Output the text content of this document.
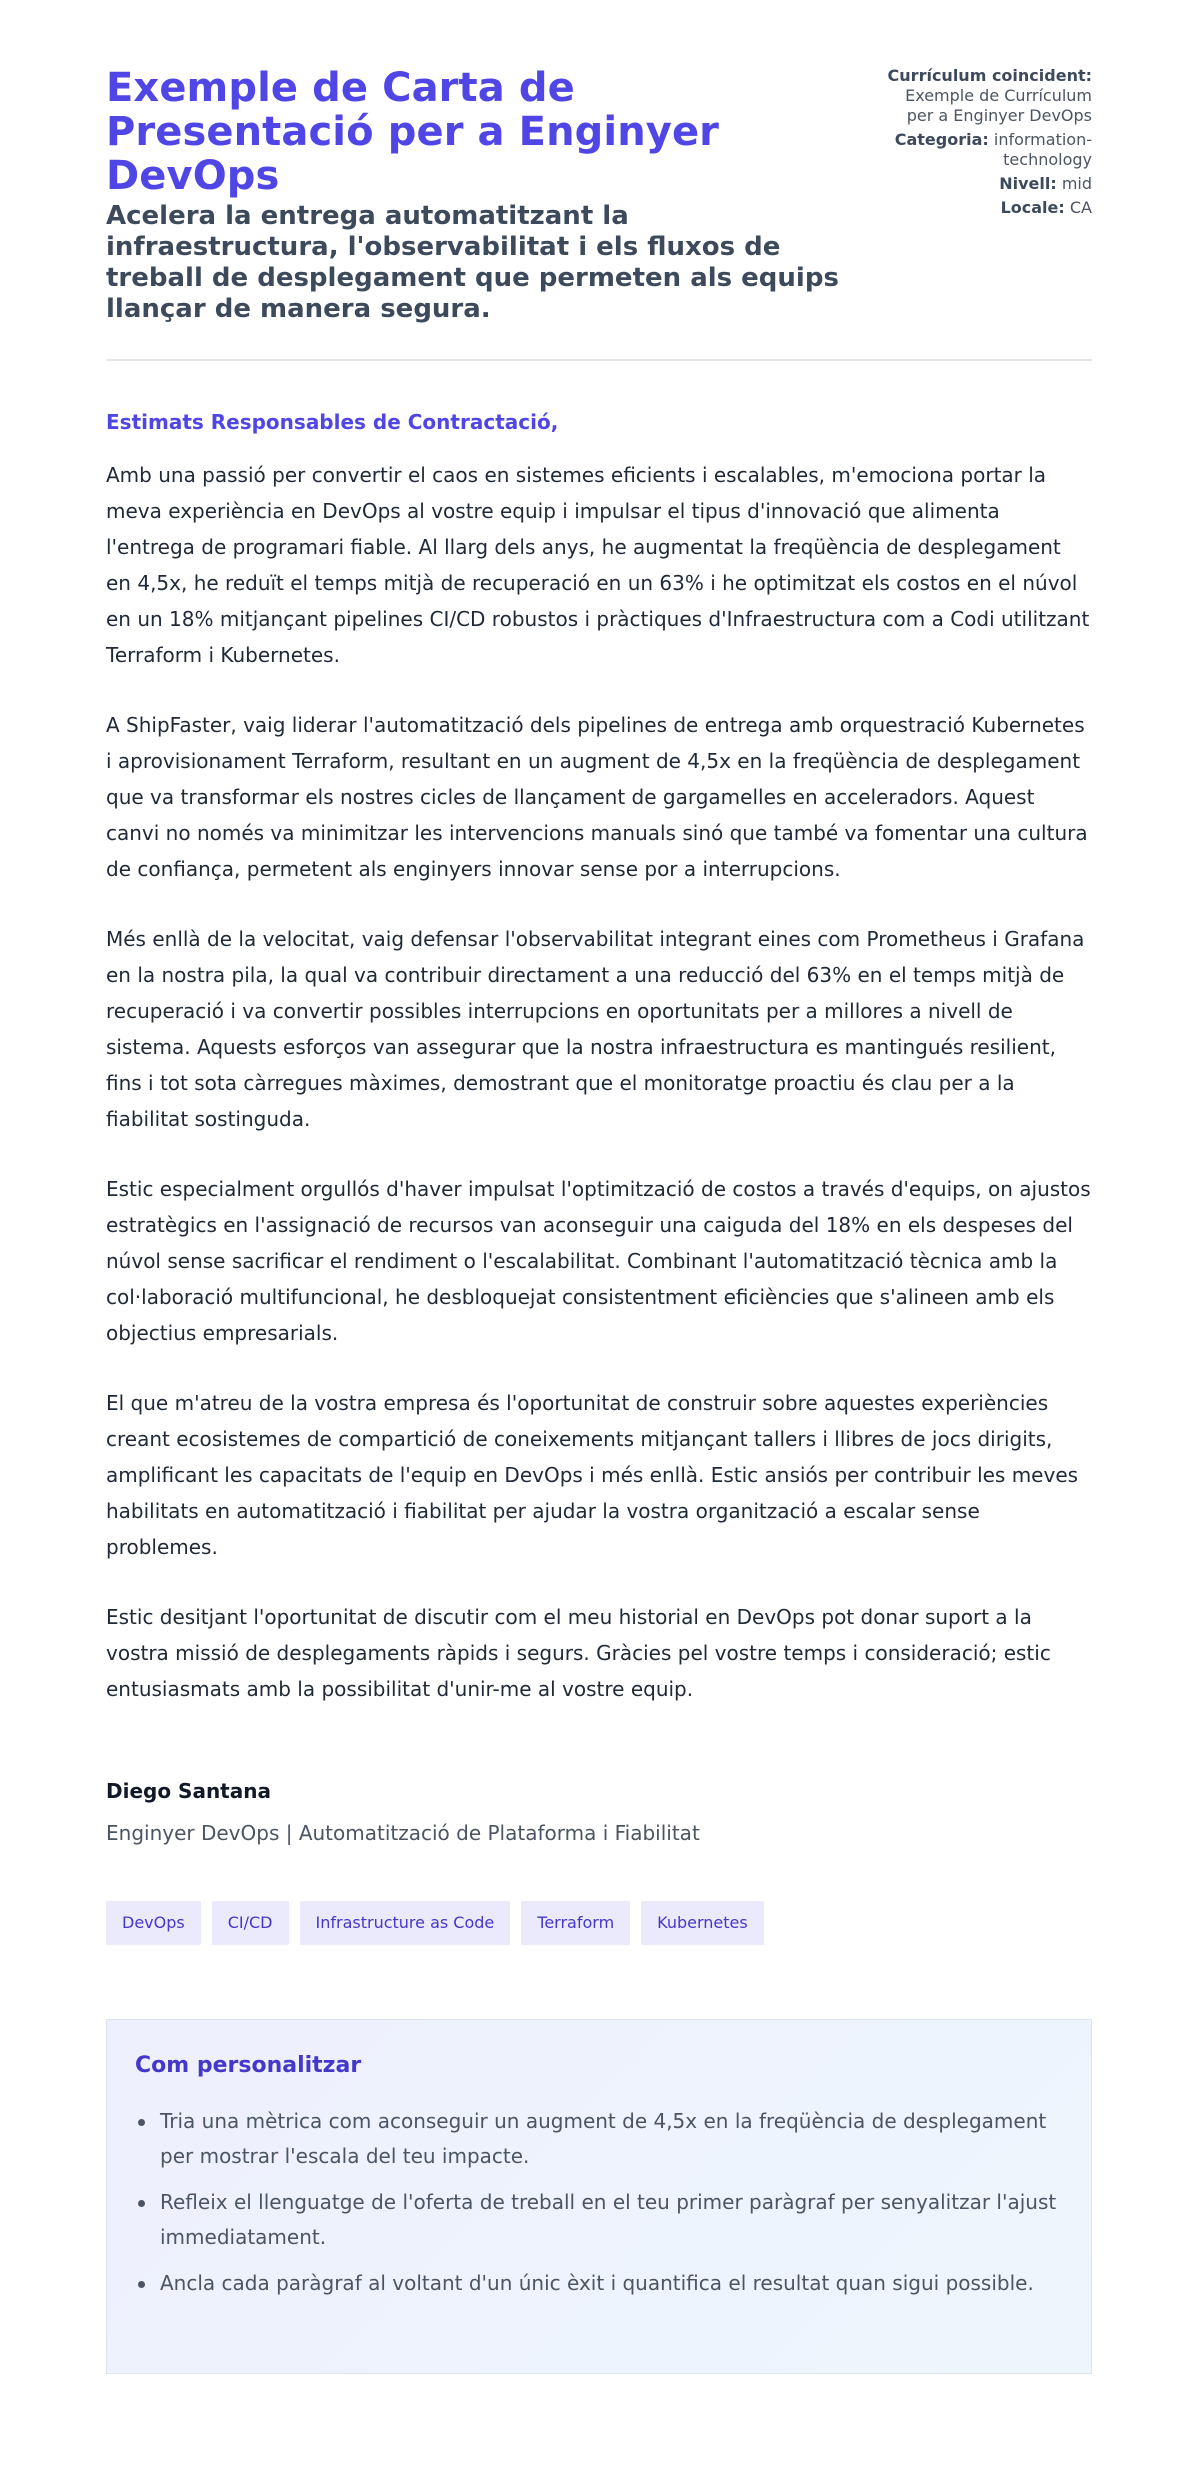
Exemple de Carta de Presentació per a Enginyer DevOps
Acelera la entrega automatitzant la infraestructura, l'observabilitat i els fluxos de treball de desplegament que permeten als equips llançar de manera segura.
Currículum coincident: Exemple de Currículum per a Enginyer DevOps
Categoria: information-technology
Nivell: mid
Locale: CA

Estimats Responsables de Contractació,

Amb una passió per convertir el caos en sistemes eficients i escalables, m'emociona portar la meva experiència en DevOps al vostre equip i impulsar el tipus d'innovació que alimenta l'entrega de programari fiable. Al llarg dels anys, he augmentat la freqüència de desplegament en 4,5x, he reduït el temps mitjà de recuperació en un 63% i he optimitzat els costos en el núvol en un 18% mitjançant pipelines CI/CD robustos i pràctiques d'Infraestructura com a Codi utilitzant Terraform i Kubernetes.

A ShipFaster, vaig liderar l'automatització dels pipelines de entrega amb orquestració Kubernetes i aprovisionament Terraform, resultant en un augment de 4,5x en la freqüència de desplegament que va transformar els nostres cicles de llançament de gargamelles en acceleradors. Aquest canvi no només va minimitzar les intervencions manuals sinó que també va fomentar una cultura de confiança, permetent als enginyers innovar sense por a interrupcions.

Més enllà de la velocitat, vaig defensar l'observabilitat integrant eines com Prometheus i Grafana en la nostra pila, la qual va contribuir directament a una reducció del 63% en el temps mitjà de recuperació i va convertir possibles interrupcions en oportunitats per a millores a nivell de sistema. Aquests esforços van assegurar que la nostra infraestructura es mantingués resilient, fins i tot sota càrregues màximes, demostrant que el monitoratge proactiu és clau per a la fiabilitat sostinguda.

Estic especialment orgullós d'haver impulsat l'optimització de costos a través d'equips, on ajustos estratègics en l'assignació de recursos van aconseguir una caiguda del 18% en els despeses del núvol sense sacrificar el rendiment o l'escalabilitat. Combinant l'automatització tècnica amb la col·laboració multifuncional, he desbloquejat consistentment eficiències que s'alineen amb els objectius empresarials.

El que m'atreu de la vostra empresa és l'oportunitat de construir sobre aquestes experiències creant ecosistemes de compartició de coneixements mitjançant tallers i llibres de jocs dirigits, amplificant les capacitats de l'equip en DevOps i més enllà. Estic ansiós per contribuir les meves habilitats en automatització i fiabilitat per ajudar la vostra organització a escalar sense problemes.

Estic desitjant l'oportunitat de discutir com el meu historial en DevOps pot donar suport a la vostra missió de desplegaments ràpids i segurs. Gràcies pel vostre temps i consideració; estic entusiasmats amb la possibilitat d'unir-me al vostre equip.

Diego Santana
Enginyer DevOps | Automatització de Plataforma i Fiabilitat
DevOps	CI/CD	Infrastructure as Code	Terraform	Kubernetes
Com personalitzar
Tria una mètrica com aconseguir un augment de 4,5x en la freqüència de desplegament per mostrar l'escala del teu impacte.
Refleix el llenguatge de l'oferta de treball en el teu primer paràgraf per senyalitzar l'ajust immediatament.
Ancla cada paràgraf al voltant d'un únic èxit i quantifica el resultat quan sigui possible.
